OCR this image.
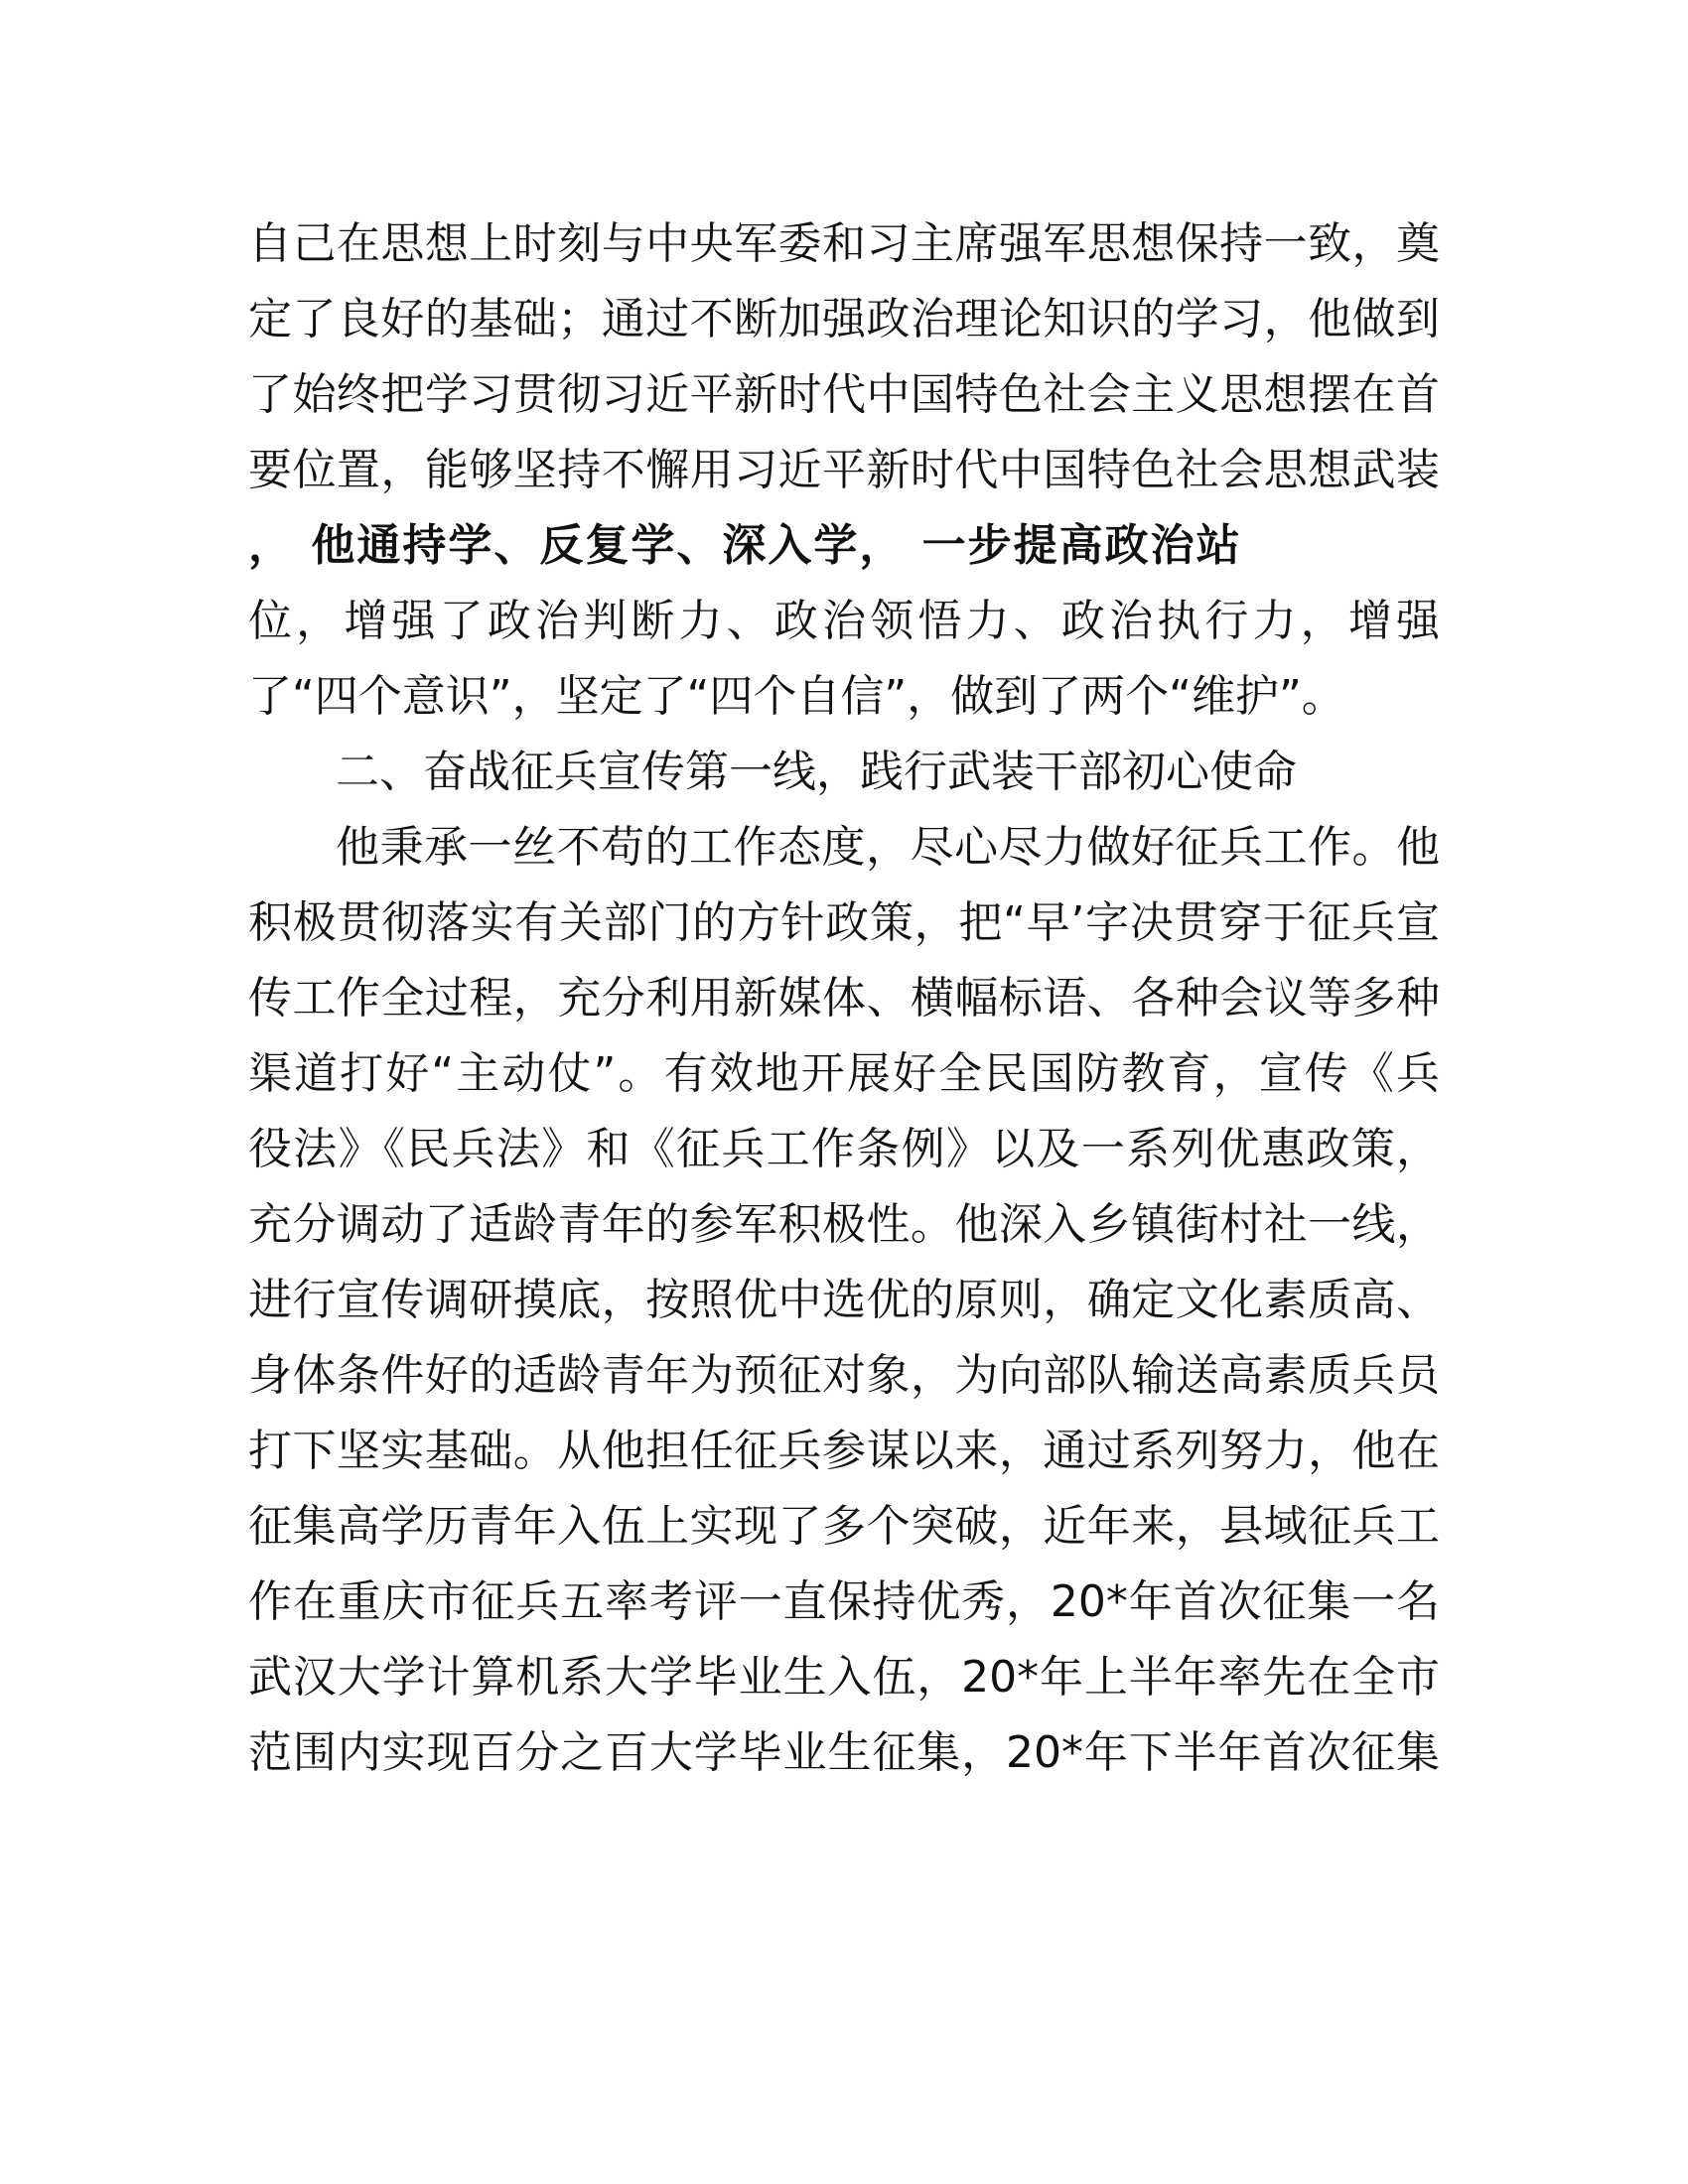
自己在思想上时刻与中央军委和习主席强军思想保持一致，奠
定了良好的基础；通过不断加强政治理论知识的学习，他做到
了始终把学习贯彻习近平新时代中国特色社会主义思想摆在首
要位置，能够坚持不懈用习近平新时代中国特色社会思想武装
， 他通持学、反复学、深入学， 一步提高政治站
位，增强了政治判断力、政治领悟力、政治执行力，增强
了“四个意识”，坚定了“四个自信”，做到了两个“维护”。
二、奋战征兵宣传第一线，践行武装干部初心使命
他秉承一丝不苟的工作态度，尽心尽力做好征兵工作。他
积极贯彻落实有关部门的方针政策，把“早’字决贯穿于征兵宣
传工作全过程，充分利用新媒体、横幅标语、各种会议等多种
渠道打好“主动仗”。有效地开展好全民国防教育，宣传《兵
役法》《民兵法》和《征兵工作条例》以及一系列优惠政策，
充分调动了适龄青年的参军积极性。他深入乡镇街村社一线，
进行宣传调研摸底，按照优中选优的原则，确定文化素质高、
身体条件好的适龄青年为预征对象，为向部队输送高素质兵员
打下坚实基础。从他担任征兵参谋以来，通过系列努力，他在
征集高学历青年入伍上实现了多个突破，近年来，县域征兵工
作在重庆市征兵五率考评一直保持优秀，20*年首次征集一名
武汉大学计算机系大学毕业生入伍，20*年上半年率先在全市
范围内实现百分之百大学毕业生征集，20*年下半年首次征集
